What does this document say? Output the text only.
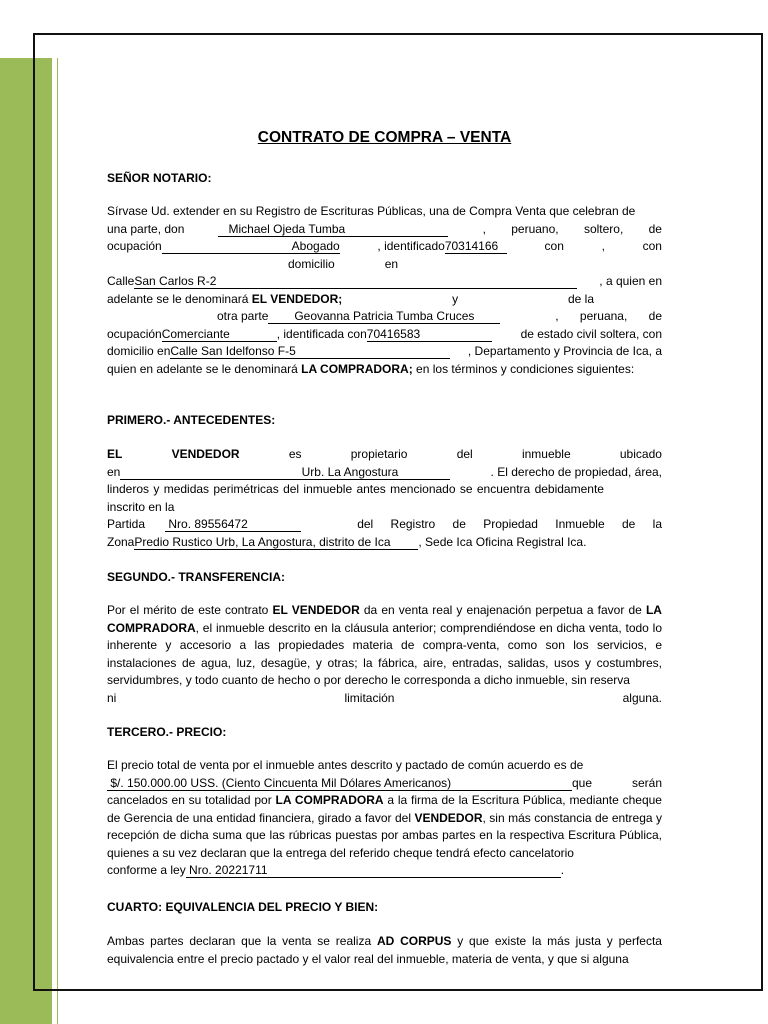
CONTRATO DE COMPRA – VENTA
SEÑOR NOTARIO:
Sírvase Ud. extender en su Registro de Escrituras Públicas, una de Compra Venta que celebran de
una parte, don	Michael Ojeda Tumba	, peruano, soltero, de
ocupación	Abogado	, identificado70314166	con	,	con
domicilio	en
CalleSan Carlos R-2	, a quien en
adelante se le denominará EL VENDEDOR;	y	de la
otra parte Geovanna Patricia Tumba Cruces	, peruana, de
ocupaciónComerciante	, identificada con70416583	de estado civil soltera, con
domicilio enCalle San Idelfonso F-5	, Departamento y Provincia de Ica, a
quien en adelante se le denominará LA COMPRADORA; en los términos y condiciones siguientes:
PRIMERO.- ANTECEDENTES:
EL	VENDEDOR	es	propietario	del	inmueble	ubicado
en	Urb. La Angostura	. El derecho de propiedad, área,
linderos y medidas perimétricas del inmueble antes mencionado se encuentra debidamente
inscrito en la
Partida Nro. 89556472	del Registro de Propiedad Inmueble de la
ZonaPredio Rustico Urb, La Angostura, distrito de Ica , Sede Ica Oficina Registral Ica.
SEGUNDO.- TRANSFERENCIA:
Por el mérito de este contrato EL VENDEDOR da en venta real y enajenación perpetua a favor de LA COMPRADORA, el inmueble descrito en la cláusula anterior; comprendiéndose en dicha venta, todo lo inherente y accesorio a las propiedades materia de compra-venta, como son los servicios, e instalaciones de agua, luz, desagüe, y otras; la fábrica, aire, entradas, salidas, usos y costumbres, servidumbres, y todo cuanto de hecho o por derecho le corresponda a dicho inmueble, sin reserva
ni	limitación	alguna.
TERCERO.- PRECIO:
El precio total de venta por el inmueble antes descrito y pactado de común acuerdo es de
$/. 150.000.00 USS. (Ciento Cincuenta Mil Dólares Americanos)	que	serán
cancelados en su totalidad por LA COMPRADORA a la firma de la Escritura Pública, mediante cheque de Gerencia de una entidad financiera, girado a favor del VENDEDOR, sin más constancia de entrega y recepción de dicha suma que las rúbricas puestas por ambas partes en la respectiva Escritura Pública, quienes a su vez declaran que la entrega del referido cheque tendrá efecto cancelatorio
conforme a ley Nro. 20221711	.
CUARTO: EQUIVALENCIA DEL PRECIO Y BIEN:
Ambas partes declaran que la venta se realiza AD CORPUS y que existe la más justa y perfecta equivalencia entre el precio pactado y el valor real del inmueble, materia de venta, y que si alguna
